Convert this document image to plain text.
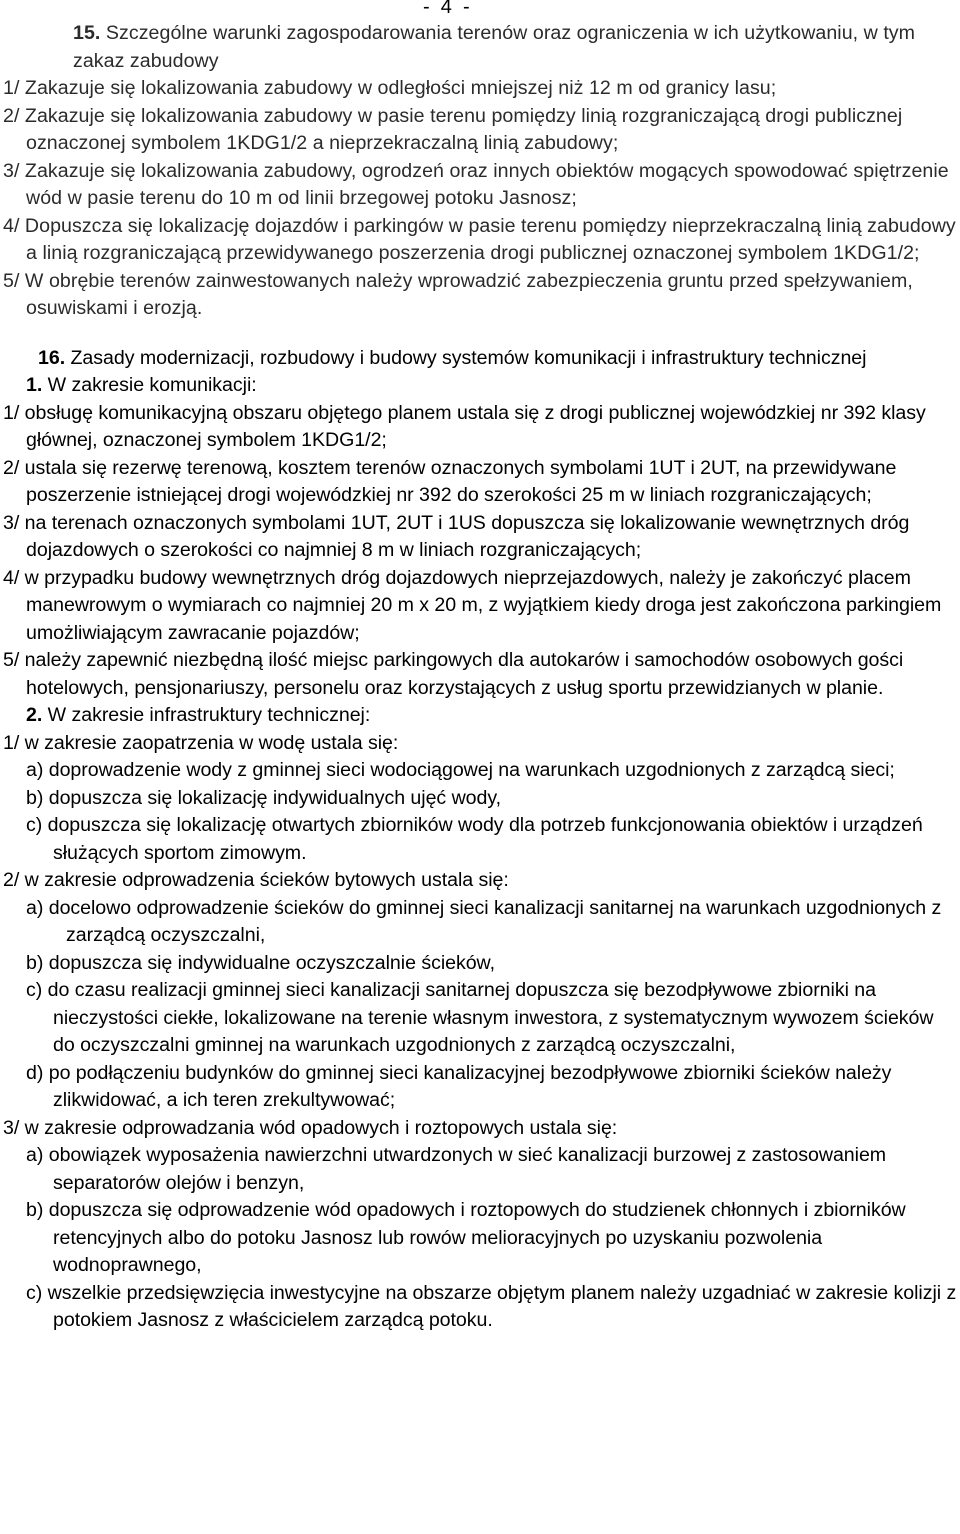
-  4  -

15. Szczególne warunki zagospodarowania terenów oraz ograniczenia w ich użytkowaniu, w tym zakaz zabudowy

1/ Zakazuje się lokalizowania zabudowy w odległości mniejszej niż 12 m od granicy lasu;

2/ Zakazuje się lokalizowania zabudowy w pasie terenu pomiędzy linią rozgraniczającą drogi publicznej oznaczonej symbolem 1KDG1/2 a nieprzekraczalną linią zabudowy;

3/ Zakazuje się lokalizowania zabudowy, ogrodzeń oraz innych obiektów mogących spowodować spiętrzenie wód w pasie terenu do 10 m od linii brzegowej potoku Jasnosz;

4/ Dopuszcza się lokalizację dojazdów i parkingów w pasie terenu pomiędzy nieprzekraczalną linią zabudowy a linią rozgraniczającą przewidywanego poszerzenia drogi publicznej oznaczonej symbolem 1KDG1/2;

5/ W obrębie terenów zainwestowanych należy wprowadzić zabezpieczenia gruntu przed spełzywaniem, osuwiskami i erozją.

16. Zasady modernizacji, rozbudowy i budowy systemów komunikacji i infrastruktury technicznej

1. W zakresie komunikacji:

1/ obsługę komunikacyjną obszaru objętego planem ustala się z drogi publicznej wojewódzkiej nr 392 klasy głównej, oznaczonej symbolem 1KDG1/2;

2/ ustala się rezerwę terenową, kosztem terenów oznaczonych symbolami 1UT i 2UT, na przewidywane poszerzenie istniejącej drogi wojewódzkiej nr 392 do szerokości 25 m w liniach rozgraniczających;

3/ na terenach oznaczonych symbolami 1UT, 2UT i 1US dopuszcza się lokalizowanie wewnętrznych dróg dojazdowych o szerokości co najmniej 8 m w liniach rozgraniczających;

4/ w przypadku budowy wewnętrznych dróg dojazdowych nieprzejazdowych, należy je zakończyć placem manewrowym o wymiarach co najmniej 20 m x 20 m, z wyjątkiem kiedy droga jest zakończona parkingiem umożliwiającym zawracanie pojazdów;

5/ należy zapewnić niezbędną ilość miejsc parkingowych dla autokarów i samochodów osobowych gości hotelowych, pensjonariuszy, personelu oraz korzystających z usług sportu przewidzianych w planie.

2. W zakresie infrastruktury technicznej:

1/ w zakresie zaopatrzenia w wodę ustala się:

a) doprowadzenie wody z gminnej sieci wodociągowej na warunkach uzgodnionych z zarządcą sieci;

b) dopuszcza się lokalizację indywidualnych ujęć wody,

c) dopuszcza się lokalizację otwartych zbiorników wody dla potrzeb funkcjonowania obiektów i urządzeń służących sportom zimowym.

2/ w zakresie odprowadzenia ścieków bytowych ustala się:

a) docelowo odprowadzenie ścieków do gminnej sieci kanalizacji sanitarnej na warunkach uzgodnionych z zarządcą oczyszczalni,

b) dopuszcza się indywidualne oczyszczalnie ścieków,

c) do czasu realizacji gminnej sieci kanalizacji sanitarnej dopuszcza się bezodpływowe zbiorniki na nieczystości ciekłe, lokalizowane na terenie własnym inwestora, z systematycznym wywozem ścieków do oczyszczalni gminnej na warunkach uzgodnionych z zarządcą oczyszczalni,

d) po podłączeniu budynków do gminnej sieci kanalizacyjnej bezodpływowe zbiorniki ścieków należy zlikwidować, a ich teren zrekultywować;

3/ w zakresie odprowadzania wód opadowych i roztopowych ustala się:

a) obowiązek wyposażenia nawierzchni utwardzonych w sieć kanalizacji burzowej z zastosowaniem separatorów olejów i benzyn,

b) dopuszcza się odprowadzenie wód opadowych i roztopowych do studzienek chłonnych i zbiorników retencyjnych albo do potoku Jasnosz lub rowów melioracyjnych po uzyskaniu pozwolenia wodnoprawnego,

c) wszelkie przedsięwzięcia inwestycyjne na obszarze objętym planem należy uzgadniać w zakresie kolizji z potokiem Jasnosz z właścicielem zarządcą potoku.
